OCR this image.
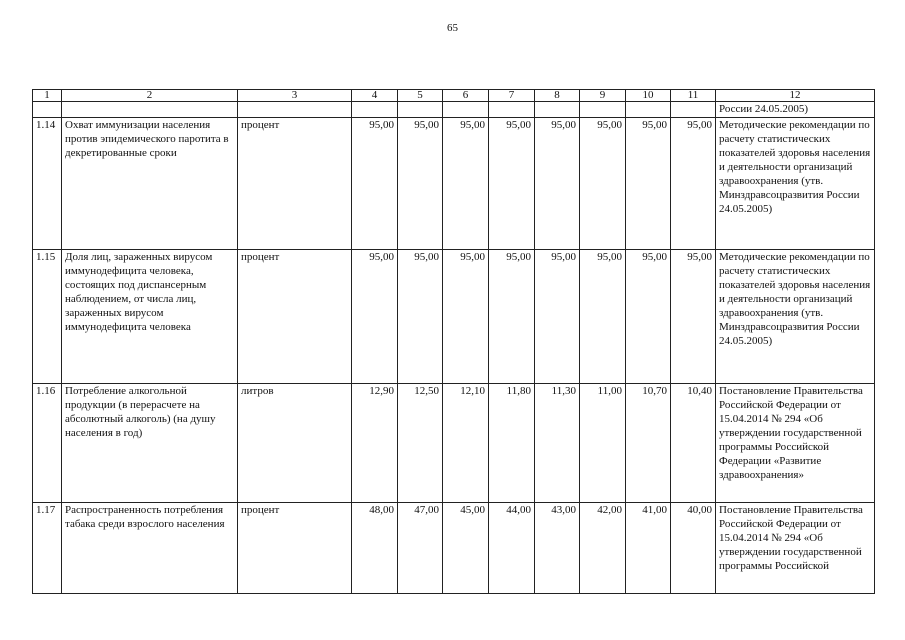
65
1	2	3	4	5	6	7	8	9	10	11	12
											России 24.05.2005)
1.14	Охват иммунизации населения против эпидемического паротита в декретированные сроки	процент	95,00	95,00	95,00	95,00	95,00	95,00	95,00	95,00	Методические рекомендации по расчету статистических показателей здоровья населения и деятельности организаций здравоохранения (утв. Минздравсоцразвития России 24.05.2005)
1.15	Доля лиц, зараженных вирусом иммунодефицита человека, состоящих под диспансерным наблюдением, от числа лиц, зараженных вирусом иммунодефицита человека	процент	95,00	95,00	95,00	95,00	95,00	95,00	95,00	95,00	Методические рекомендации по расчету статистических показателей здоровья населения и деятельности организаций здравоохранения (утв. Минздравсоцразвития России 24.05.2005)
1.16	Потребление алкогольной продукции (в перерасчете на абсолютный алкоголь) (на душу населения в год)	литров	12,90	12,50	12,10	11,80	11,30	11,00	10,70	10,40	Постановление Правительства Российской Федерации от 15.04.2014 № 294 «Об утверждении государственной программы Российской Федерации «Развитие здравоохранения»
1.17	Распространенность потребления табака среди взрослого населения	процент	48,00	47,00	45,00	44,00	43,00	42,00	41,00	40,00	Постановление Правительства Российской Федерации от 15.04.2014 № 294 «Об утверждении государственной программы Российской
